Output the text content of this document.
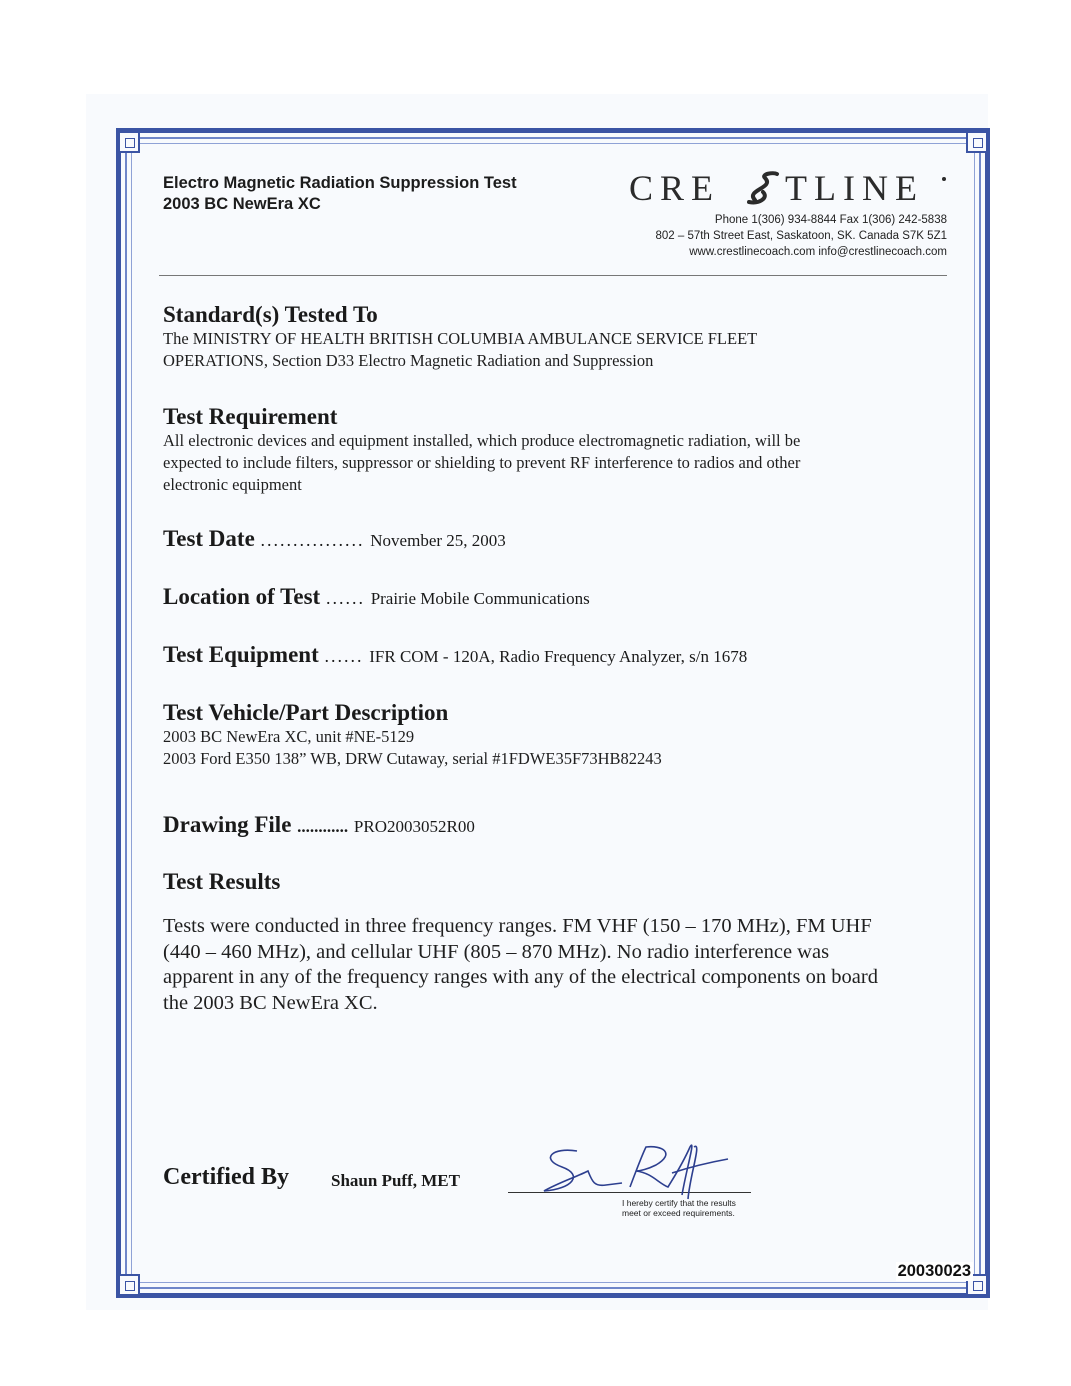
Electro Magnetic Radiation Suppression Test
2003 BC NewEra XC	CRE TLINE
Phone 1(306) 934-8844 Fax 1(306) 242-5838
802 – 57th Street East, Saskatoon, SK. Canada S7K 5Z1
www.crestlinecoach.com info@crestlinecoach.com
Standard(s) Tested To
The MINISTRY OF HEALTH BRITISH COLUMBIA AMBULANCE SERVICE FLEET
OPERATIONS, Section D33 Electro Magnetic Radiation and Suppression
Test Requirement
All electronic devices and equipment installed, which produce electromagnetic radiation, will be
expected to include filters, suppressor or shielding to prevent RF interference to radios and other
electronic equipment
Test Date ................ November 25, 2003
Location of Test ...... Prairie Mobile Communications
Test Equipment ...... IFR COM - 120A, Radio Frequency Analyzer, s/n 1678
Test Vehicle/Part Description
2003 BC NewEra XC, unit #NE-5129
2003 Ford E350 138” WB, DRW Cutaway, serial #1FDWE35F73HB82243
Drawing File ............ PRO2003052R00
Test Results
Tests were conducted in three frequency ranges. FM VHF (150 – 170 MHz), FM UHF
(440 – 460 MHz), and cellular UHF (805 – 870 MHz). No radio interference was
apparent in any of the frequency ranges with any of the electrical components on board
the 2003 BC NewEra XC.
Certified By Shaun Puff, MET
I hereby certify that the results
meet or exceed requirements.
20030023
